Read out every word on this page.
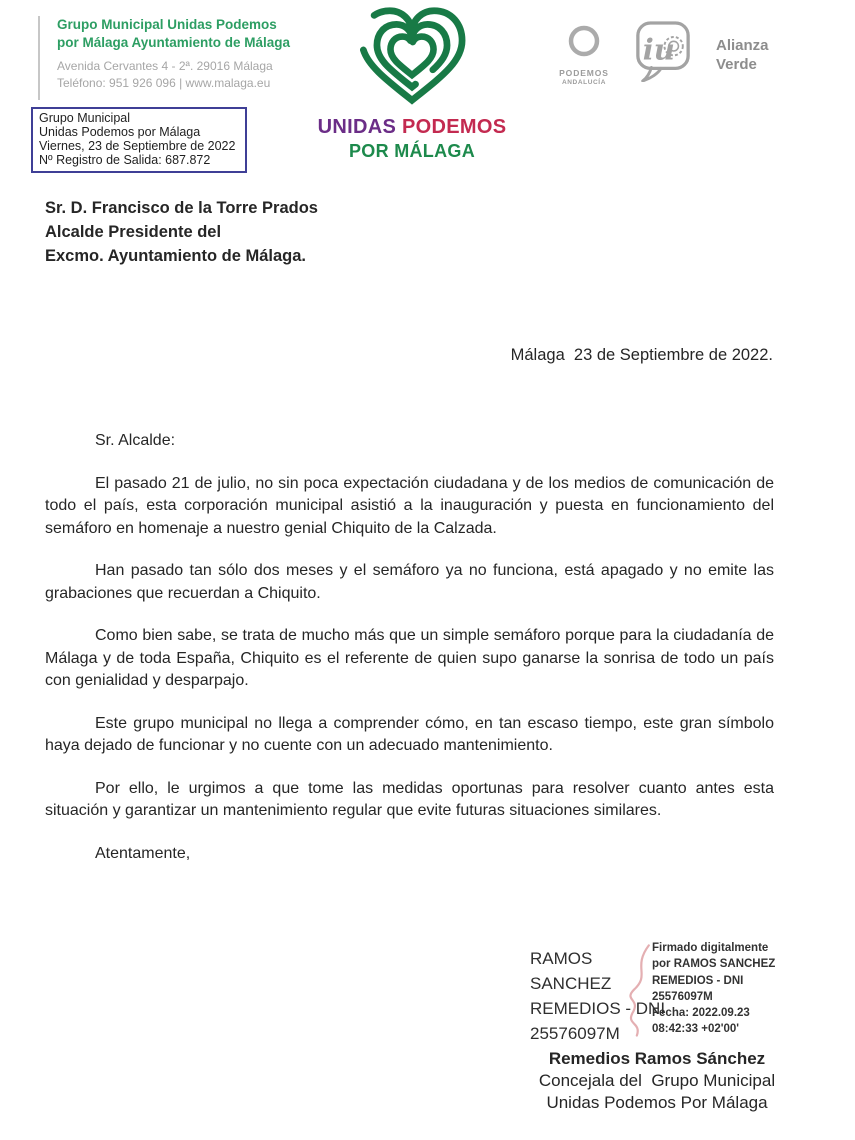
Grupo Municipal Unidas Podemos
por Málaga Ayuntamiento de Málaga
Avenida Cervantes 4 - 2ª. 29016 Málaga
Teléfono: 951 926 096 | www.malaga.eu
Grupo Municipal
Unidas Podemos por Málaga
Viernes, 23 de Septiembre de 2022
Nº Registro de Salida: 687.872
UNIDAS PODEMOS
POR MÁLAGA
PODEMOS
ANDALUCÍA
iu	Alianza
Verde
Sr. D. Francisco de la Torre Prados
Alcalde Presidente del
Excmo. Ayuntamiento de Málaga.
Málaga  23 de Septiembre de 2022.
Sr. Alcalde:

El pasado 21 de julio, no sin poca expectación ciudadana y de los medios de comunicación de todo el país, esta corporación municipal asistió a la inauguración y puesta en funcionamiento del semáforo en homenaje a nuestro genial Chiquito de la Calzada.

Han pasado tan sólo dos meses y el semáforo ya no funciona, está apagado y no emite las grabaciones que recuerdan a Chiquito.

Como bien sabe, se trata de mucho más que un simple semáforo porque para la ciudadanía de Málaga y de toda España, Chiquito es el referente de quien supo ganarse la sonrisa de todo un país con genialidad y desparpajo.

Este grupo municipal no llega a comprender cómo, en tan escaso tiempo, este gran símbolo haya dejado de funcionar y no cuente con un adecuado mantenimiento.

Por ello, le urgimos a que tome las medidas oportunas para resolver cuanto antes esta situación y garantizar un mantenimiento regular que evite futuras situaciones similares.

Atentamente,
RAMOS
SANCHEZ
REMEDIOS - DNI
25576097M
Firmado digitalmente
por RAMOS SANCHEZ
REMEDIOS - DNI
25576097M
Fecha: 2022.09.23
08:42:33 +02'00'
Remedios Ramos Sánchez
Concejala del  Grupo Municipal
Unidas Podemos Por Málaga
